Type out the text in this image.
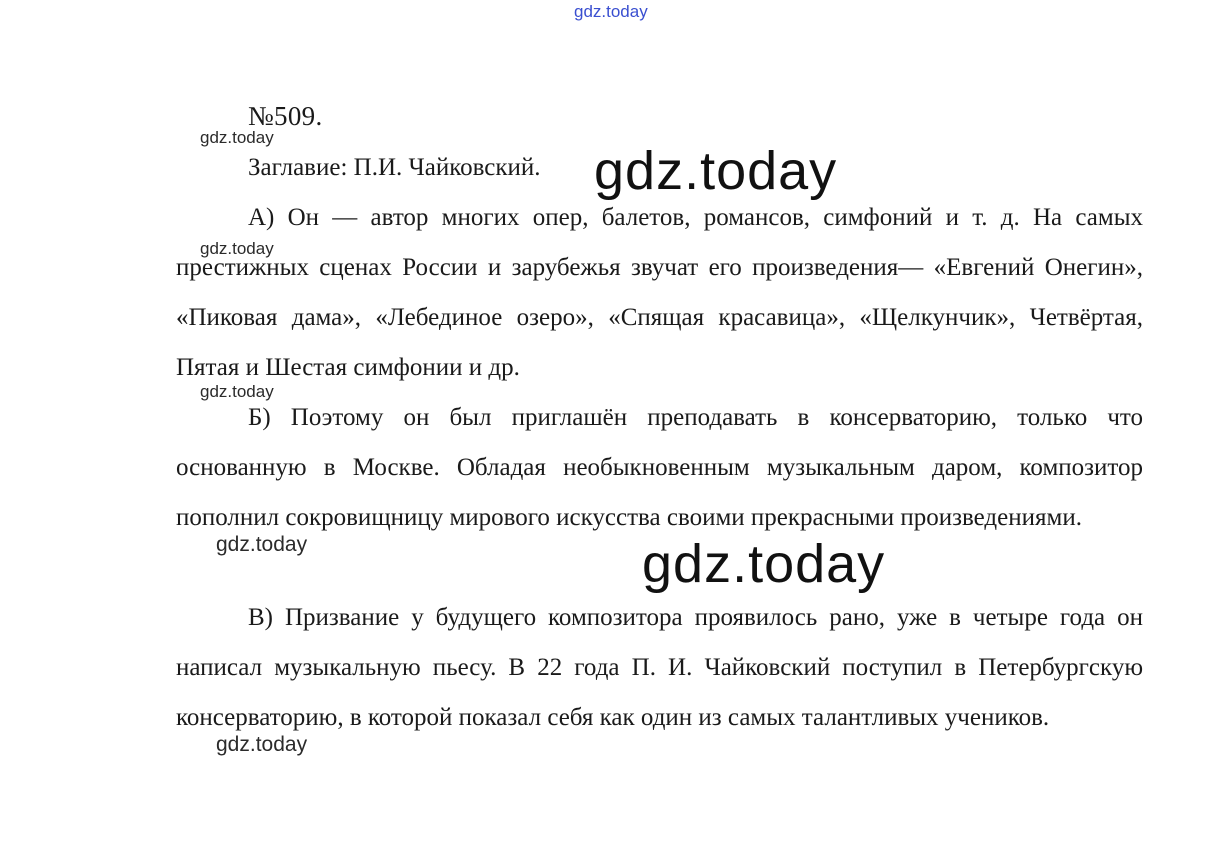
№509.
Заглавие: П.И. Чайковский.

А) Он — автор многих опер, балетов, романсов, симфоний и т. д. На самых престижных сценах России и зарубежья звучат его произведения— «Евгений Онегин», «Пиковая дама», «Лебединое озеро», «Спящая красавица», «Щелкунчик», Четвёртая, Пятая и Шестая симфонии и др.

Б) Поэтому он был приглашён преподавать в консерваторию, только что основанную в Москве. Обладая необыкновенным музыкальным даром, композитор пополнил сокровищницу мирового искусства своими прекрасными произведениями.

В) Призвание у будущего композитора проявилось рано, уже в четыре года он написал музыкальную пьесу. В 22 года П. И. Чайковский поступил в Петербургскую консерваторию, в которой показал себя как один из самых талантливых учеников.

gdz.today
gdz.today
gdz.today
gdz.today
gdz.today
gdz.today
gdz.today
gdz.today
